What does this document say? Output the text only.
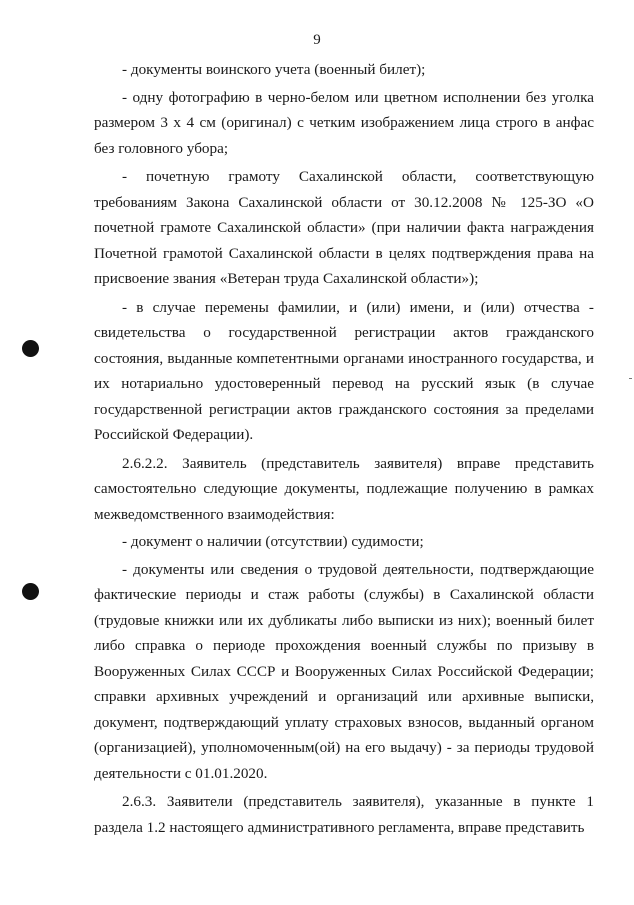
9

- документы воинского учета (военный билет);

- одну фотографию в черно-белом или цветном исполнении без уголка размером 3 х 4 см (оригинал) с четким изображением лица строго в анфас без головного убора;

- почетную грамоту Сахалинской области, соответствующую требованиям Закона Сахалинской области от 30.12.2008 № 125-ЗО «О почетной грамоте Сахалинской области» (при наличии факта награждения Почетной грамотой Сахалинской области в целях подтверждения права на присвоение звания «Ветеран труда Сахалинской области»);

- в случае перемены фамилии, и (или) имени, и (или) отчества - свидетельства о государственной регистрации актов гражданского состояния, выданные компетентными органами иностранного государства, и их нотариально удостоверенный перевод на русский язык (в случае государственной регистрации актов гражданского состояния за пределами Российской Федерации).

2.6.2.2. Заявитель (представитель заявителя) вправе представить самостоятельно следующие документы, подлежащие получению в рамках межведомственного взаимодействия:

- документ о наличии (отсутствии) судимости;

- документы или сведения о трудовой деятельности, подтверждающие фактические периоды и стаж работы (службы) в Сахалинской области (трудовые книжки или их дубликаты либо выписки из них); военный билет либо справка о периоде прохождения военный службы по призыву в Вооруженных Силах СССР и Вооруженных Силах Российской Федерации; справки архивных учреждений и организаций или архивные выписки, документ, подтверждающий уплату страховых взносов, выданный органом (организацией), уполномоченным(ой) на его выдачу) - за периоды трудовой деятельности с 01.01.2020.

2.6.3. Заявители (представитель заявителя), указанные в пункте 1 раздела 1.2 настоящего административного регламента, вправе представить
